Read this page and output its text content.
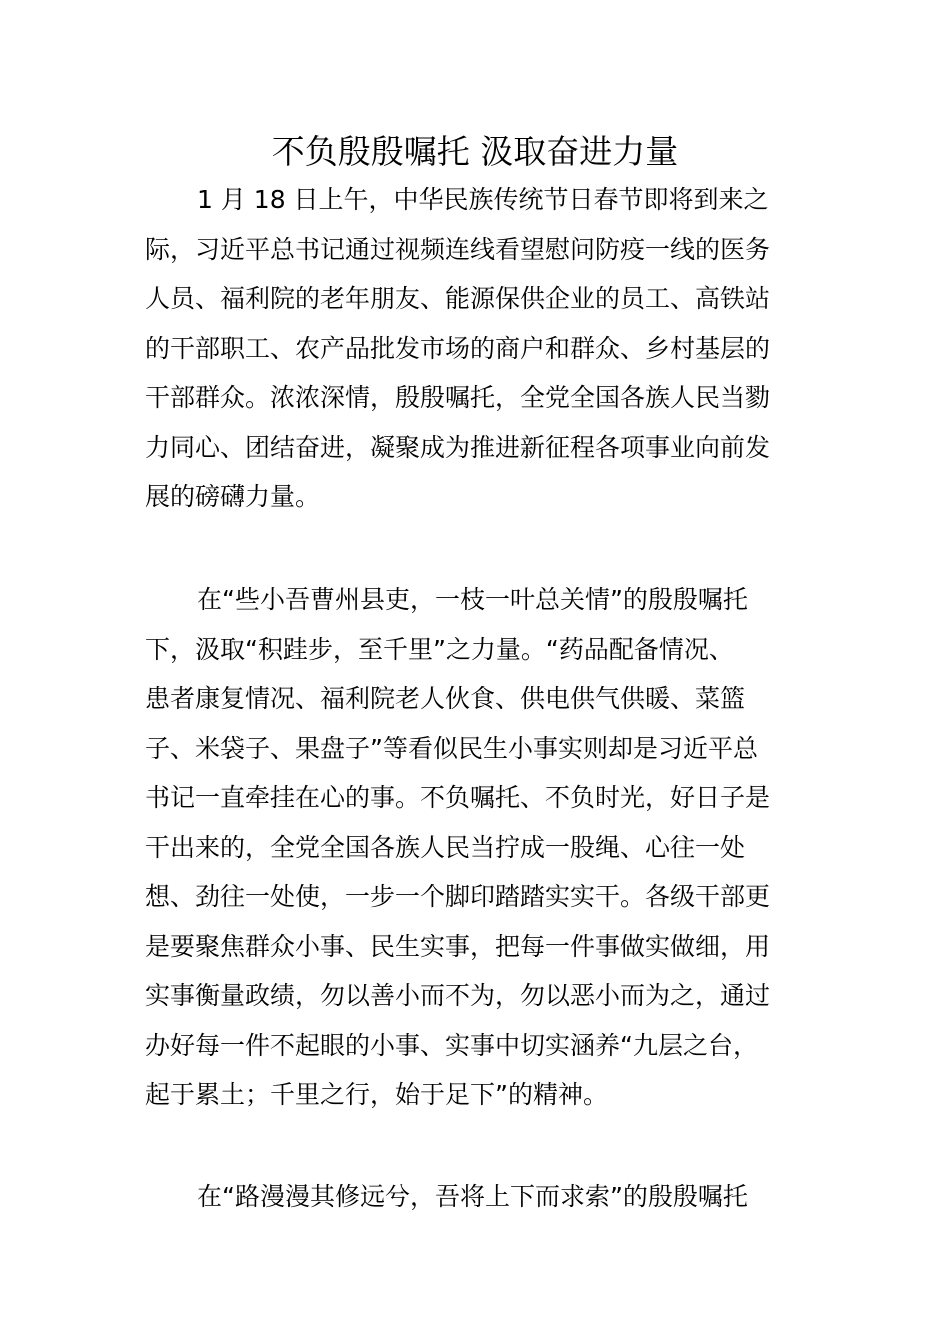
不负殷殷嘱托 汲取奋进力量
1 月 18 日上午，中华民族传统节日春节即将到来之
际，习近平总书记通过视频连线看望慰问防疫一线的医务
人员、福利院的老年朋友、能源保供企业的员工、高铁站
的干部职工、农产品批发市场的商户和群众、乡村基层的
干部群众。浓浓深情，殷殷嘱托，全党全国各族人民当勠
力同心、团结奋进，凝聚成为推进新征程各项事业向前发
展的磅礴力量。
在“些小吾曹州县吏，一枝一叶总关情”的殷殷嘱托
下，汲取“积跬步，至千里”之力量。“药品配备情况、
患者康复情况、福利院老人伙食、供电供气供暖、菜篮
子、米袋子、果盘子”等看似民生小事实则却是习近平总
书记一直牵挂在心的事。不负嘱托、不负时光，好日子是
干出来的，全党全国各族人民当拧成一股绳、心往一处
想、劲往一处使，一步一个脚印踏踏实实干。各级干部更
是要聚焦群众小事、民生实事，把每一件事做实做细，用
实事衡量政绩，勿以善小而不为，勿以恶小而为之，通过
办好每一件不起眼的小事、实事中切实涵养“九层之台，
起于累土；千里之行，始于足下”的精神。
在“路漫漫其修远兮，吾将上下而求索”的殷殷嘱托
